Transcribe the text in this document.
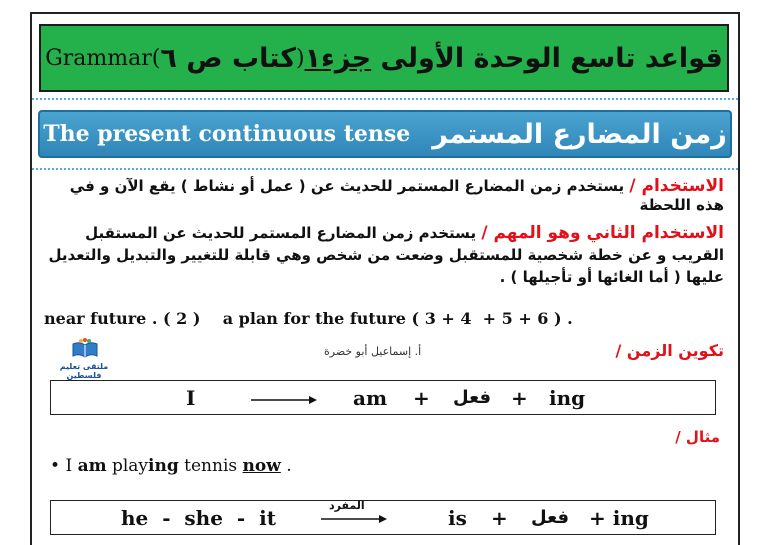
Grammar ( كتاب ص ٦ )	قواعد تاسع الوحدة الأولى جزء١
The present continuous tense زمن المضارع المستمر
الاستخدام / يستخدم زمن المضارع المستمر للحديث عن ( عمل أو نشاط ) يقع الآن و في هذه اللحظة
الاستخدام الثاني وهو المهم / يستخدم زمن المضارع المستمر للحديث عن المستقبل القريب و عن خطة شخصية للمستقبل وضعت من شخص وهي قابلة للتغيير والتبديل والتعديل عليها ( أما الغائها أو تأجيلها ) .
near future . ( 2 )    a plan for the future ( 3 + 4  + 5 + 6 ) .
ملتقى تعليم فلسطين
أ. إسماعيل أبو خضرة	تكوين الزمن /
I	am + فعل + ing
مثال /
• I am playing tennis now .
he  -  she  -  it	المفرد	is + فعل + ing
